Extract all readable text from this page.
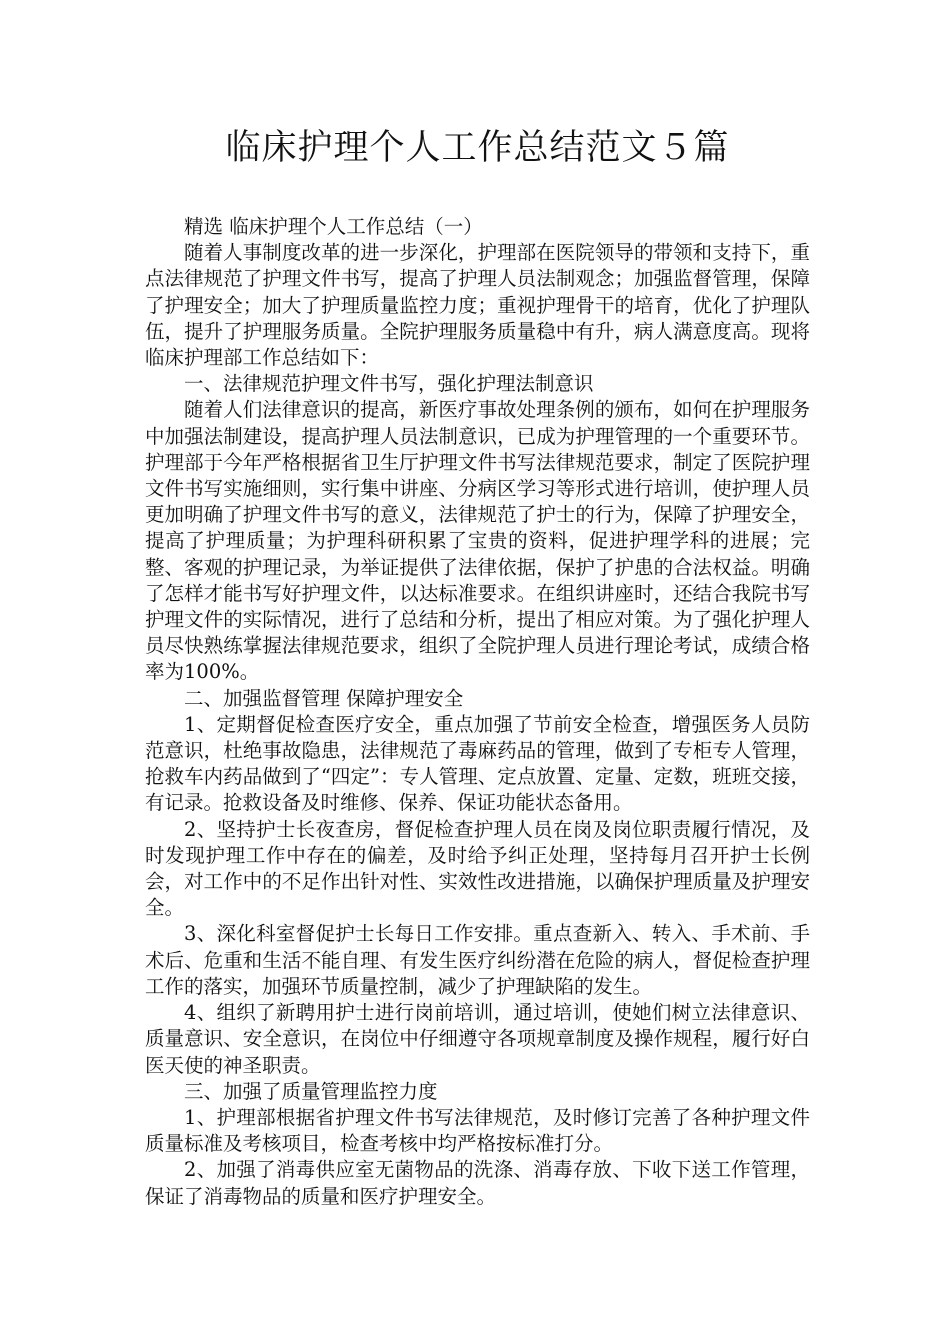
临床护理个人工作总结范文５篇

精选 临床护理个人工作总结（一）

随着人事制度改革的进一步深化，护理部在医院领导的带领和支持下，重点法律规范了护理文件书写，提高了护理人员法制观念；加强监督管理，保障了护理安全；加大了护理质量监控力度；重视护理骨干的培育，优化了护理队伍，提升了护理服务质量。全院护理服务质量稳中有升，病人满意度高。现将临床护理部工作总结如下：

一、法律规范护理文件书写，强化护理法制意识

随着人们法律意识的提高，新医疗事故处理条例的颁布，如何在护理服务中加强法制建设，提高护理人员法制意识，已成为护理管理的一个重要环节。护理部于今年严格根据省卫生厅护理文件书写法律规范要求，制定了医院护理文件书写实施细则，实行集中讲座、分病区学习等形式进行培训，使护理人员更加明确了护理文件书写的意义，法律规范了护士的行为，保障了护理安全，提高了护理质量；为护理科研积累了宝贵的资料，促进护理学科的进展；完整、客观的护理记录，为举证提供了法律依据，保护了护患的合法权益。明确了怎样才能书写好护理文件，以达标准要求。在组织讲座时，还结合我院书写护理文件的实际情况，进行了总结和分析，提出了相应对策。为了强化护理人员尽快熟练掌握法律规范要求，组织了全院护理人员进行理论考试，成绩合格率为100%。

二、加强监督管理 保障护理安全

1、定期督促检查医疗安全，重点加强了节前安全检查，增强医务人员防范意识，杜绝事故隐患，法律规范了毒麻药品的管理，做到了专柜专人管理，抢救车内药品做到了“四定”：专人管理、定点放置、定量、定数，班班交接，有记录。抢救设备及时维修、保养、保证功能状态备用。

2、坚持护士长夜查房，督促检查护理人员在岗及岗位职责履行情况，及时发现护理工作中存在的偏差，及时给予纠正处理，坚持每月召开护士长例会，对工作中的不足作出针对性、实效性改进措施，以确保护理质量及护理安全。

3、深化科室督促护士长每日工作安排。重点查新入、转入、手术前、手术后、危重和生活不能自理、有发生医疗纠纷潜在危险的病人，督促检查护理工作的落实，加强环节质量控制，减少了护理缺陷的发生。

4、组织了新聘用护士进行岗前培训，通过培训，使她们树立法律意识、质量意识、安全意识，在岗位中仔细遵守各项规章制度及操作规程，履行好白医天使的神圣职责。

三、加强了质量管理监控力度

1、护理部根据省护理文件书写法律规范，及时修订完善了各种护理文件质量标准及考核项目，检查考核中均严格按标准打分。

2、加强了消毒供应室无菌物品的洗涤、消毒存放、下收下送工作管理，保证了消毒物品的质量和医疗护理安全。
